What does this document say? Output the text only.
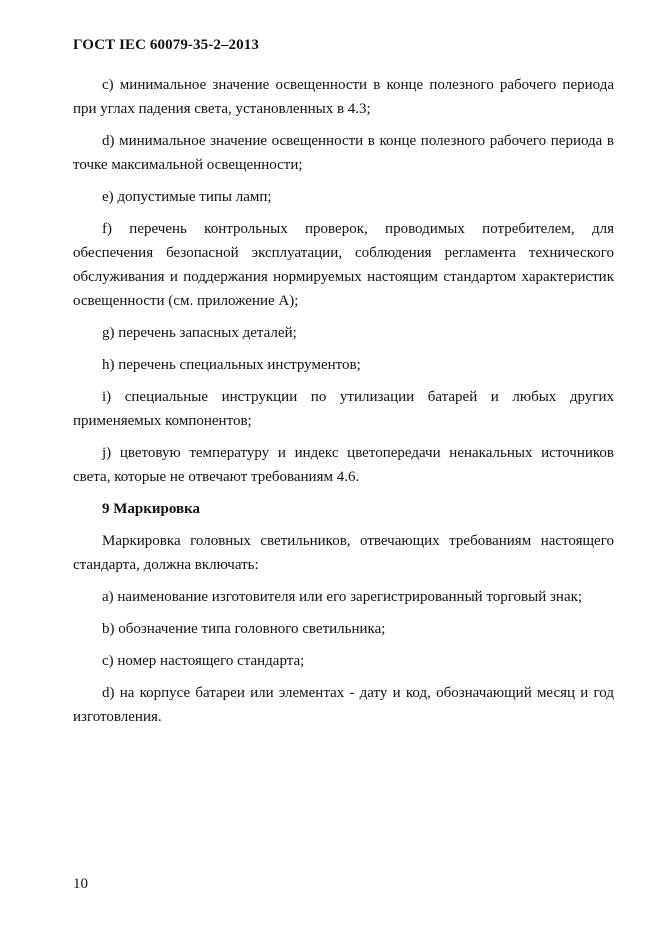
ГОСТ IEC 60079-35-2–2013

c) минимальное значение освещенности в конце полезного рабочего периода при углах падения света, установленных в 4.3;

d) минимальное значение освещенности в конце полезного рабочего периода в точке максимальной освещенности;

e) допустимые типы ламп;

f) перечень контрольных проверок, проводимых потребителем, для обеспечения безопасной эксплуатации, соблюдения регламента технического обслуживания и поддержания нормируемых настоящим стандартом характеристик освещенности (см. приложение А);

g) перечень запасных деталей;

h) перечень специальных инструментов;

i) специальные инструкции по утилизации батарей и любых других применяемых компонентов;

j) цветовую температуру и индекс цветопередачи ненакальных источников света, которые не отвечают требованиям 4.6.

9 Маркировка

Маркировка головных светильников, отвечающих требованиям настоящего стандарта, должна включать:

а) наименование изготовителя или его зарегистрированный торговый знак;

b) обозначение типа головного светильника;

c) номер настоящего стандарта;

d) на корпусе батареи или элементах - дату и код, обозначающий месяц и год изготовления.

10
